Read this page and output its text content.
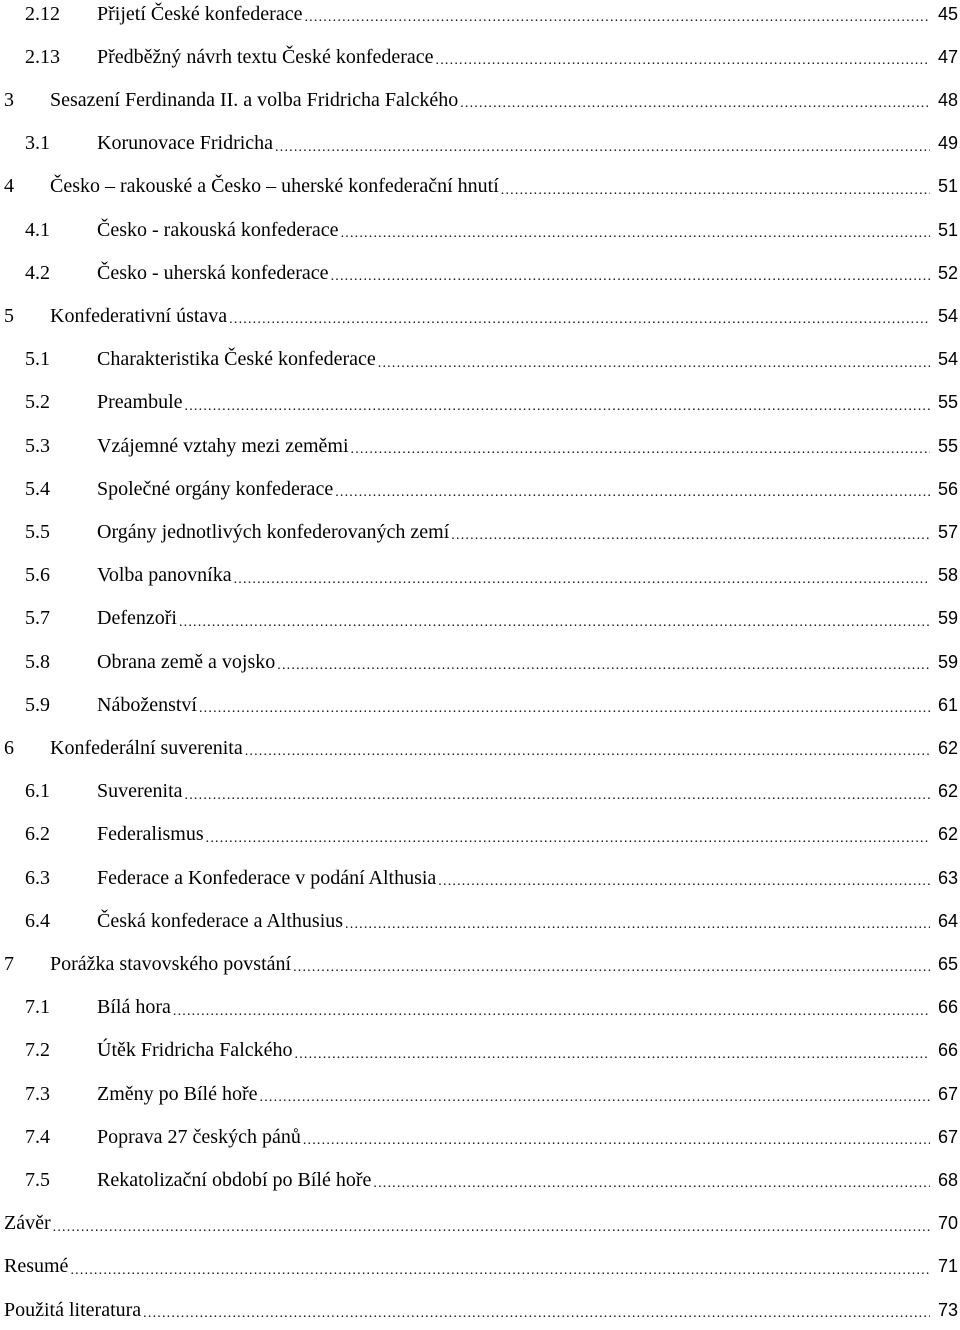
2.12	Přijetí České konfederace .....	45
2.13	Předběžný návrh textu České konfederace .....	47
3	Sesazení Ferdinanda II. a volba Fridricha Falckého .....	48
3.1	Korunovace Fridricha .....	49
4	Česko – rakouské a Česko – uherské konfederační hnutí .....	51
4.1	Česko - rakouská konfederace .....	51
4.2	Česko - uherská konfederace .....	52
5	Konfederativní ústava .....	54
5.1	Charakteristika České konfederace .....	54
5.2	Preambule .....	55
5.3	Vzájemné vztahy mezi zeměmi .....	55
5.4	Společné orgány konfederace .....	56
5.5	Orgány jednotlivých konfederovaných zemí .....	57
5.6	Volba panovníka .....	58
5.7	Defenzoři .....	59
5.8	Obrana země a vojsko .....	59
5.9	Náboženství .....	61
6	Konfederální suverenita .....	62
6.1	Suverenita .....	62
6.2	Federalismus .....	62
6.3	Federace a Konfederace v podání Althusia .....	63
6.4	Česká konfederace a Althusius .....	64
7	Porážka stavovského povstání .....	65
7.1	Bílá hora .....	66
7.2	Útěk Fridricha Falckého .....	66
7.3	Změny po Bílé hoře .....	67
7.4	Poprava 27 českých pánů .....	67
7.5	Rekatolizační období po Bílé hoře .....	68
Závěr .....	70
Resumé .....	71
Použitá literatura .....	73
